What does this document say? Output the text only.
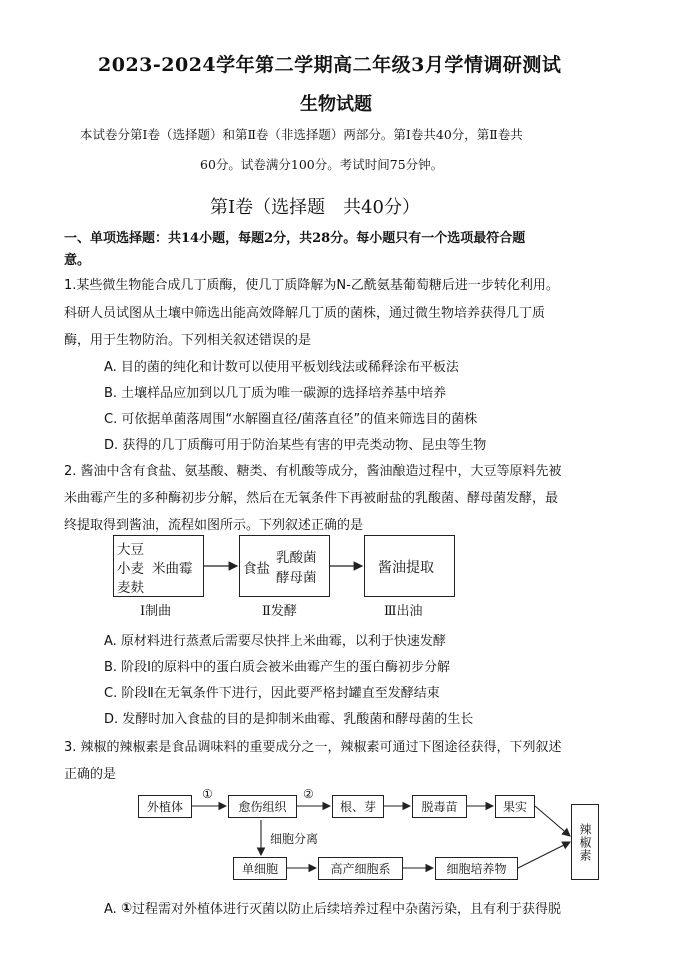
2023-2024学年第二学期高二年级3月学情调研测试
生物试题
本试卷分第Ⅰ卷（选择题）和第Ⅱ卷（非选择题）两部分。第Ⅰ卷共40分，第Ⅱ卷共
60分。试卷满分100分。考试时间75分钟。
第Ⅰ卷（选择题　共40分）
一、单项选择题：共14小题，每题2分，共28分。每小题只有一个选项最符合题
意。
1.某些微生物能合成几丁质酶，使几丁质降解为N-乙酰氨基葡萄糖后进一步转化利用。
科研人员试图从土壤中筛选出能高效降解几丁质的菌株，通过微生物培养获得几丁质
酶，用于生物防治。下列相关叙述错误的是
A. 目的菌的纯化和计数可以使用平板划线法或稀释涂布平板法
B. 土壤样品应加到以几丁质为唯一碳源的选择培养基中培养
C. 可依据单菌落周围“水解圈直径/菌落直径”的值来筛选目的菌株
D. 获得的几丁质酶可用于防治某些有害的甲壳类动物、昆虫等生物
2. 酱油中含有食盐、氨基酸、糖类、有机酸等成分，酱油酿造过程中，大豆等原料先被
米曲霉产生的多种酶初步分解，然后在无氧条件下再被耐盐的乳酸菌、酵母菌发酵，最
终提取得到酱油，流程如图所示。下列叙述正确的是
大豆
小麦
麦麸
米曲霉	食盐
乳酸菌
酵母菌
酱油提取
Ⅰ制曲	Ⅱ发酵	Ⅲ出油
A. 原材料进行蒸煮后需要尽快拌上米曲霉，以利于快速发酵
B. 阶段Ⅰ的原料中的蛋白质会被米曲霉产生的蛋白酶初步分解
C. 阶段Ⅱ在无氧条件下进行，因此要严格封罐直至发酵结束
D. 发酵时加入食盐的目的是抑制米曲霉、乳酸菌和酵母菌的生长
3. 辣椒的辣椒素是食品调味料的重要成分之一，辣椒素可通过下图途径获得，下列叙述
正确的是
外植体	愈伤组织	根、芽	脱毒苗	果实
辣椒素
单细胞	高产细胞系	细胞培养物
①	②
细胞分离
A. ①过程需对外植体进行灭菌以防止后续培养过程中杂菌污染，且有利于获得脱
